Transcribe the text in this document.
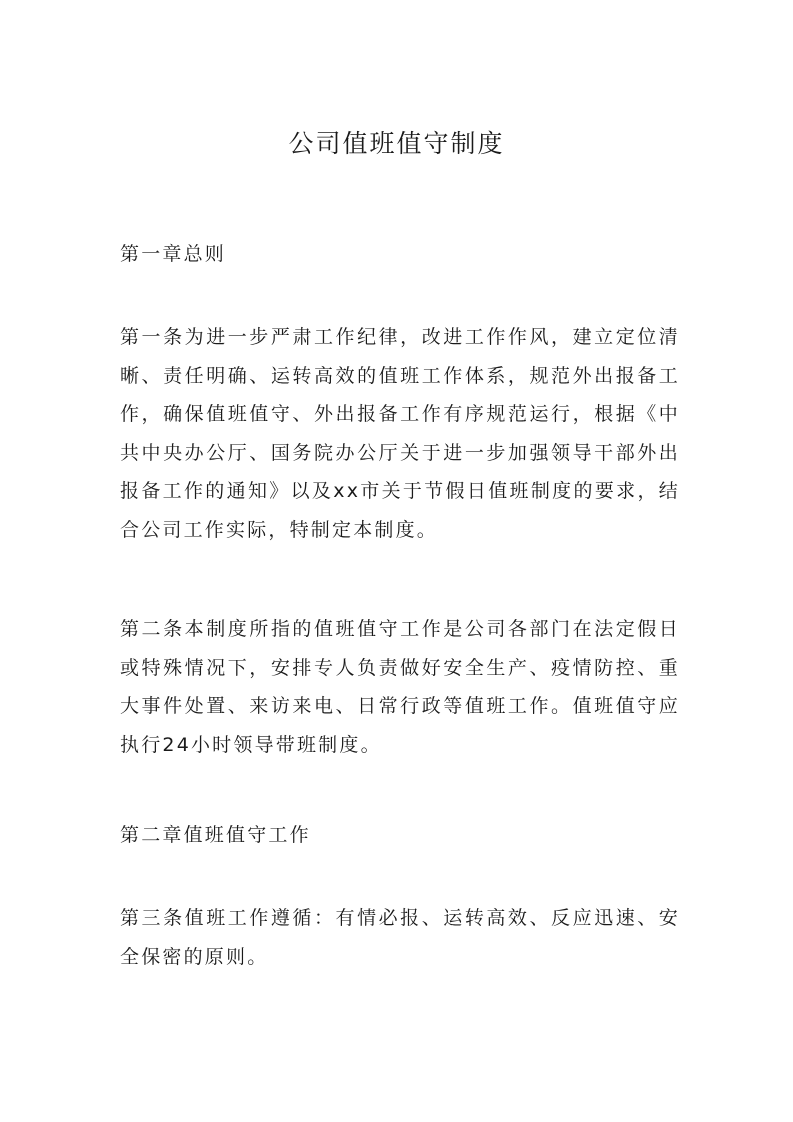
公司值班值守制度

第一章总则

第一条为进一步严肃工作纪律，改进工作作风，建立定位清晰、责任明确、运转高效的值班工作体系，规范外出报备工作，确保值班值守、外出报备工作有序规范运行，根据《中共中央办公厅、国务院办公厅关于进一步加强领导干部外出报备工作的通知》以及xx市关于节假日值班制度的要求，结合公司工作实际，特制定本制度。

第二条本制度所指的值班值守工作是公司各部门在法定假日或特殊情况下，安排专人负责做好安全生产、疫情防控、重大事件处置、来访来电、日常行政等值班工作。值班值守应执行24小时领导带班制度。

第二章值班值守工作

第三条值班工作遵循：有情必报、运转高效、反应迅速、安全保密的原则。
